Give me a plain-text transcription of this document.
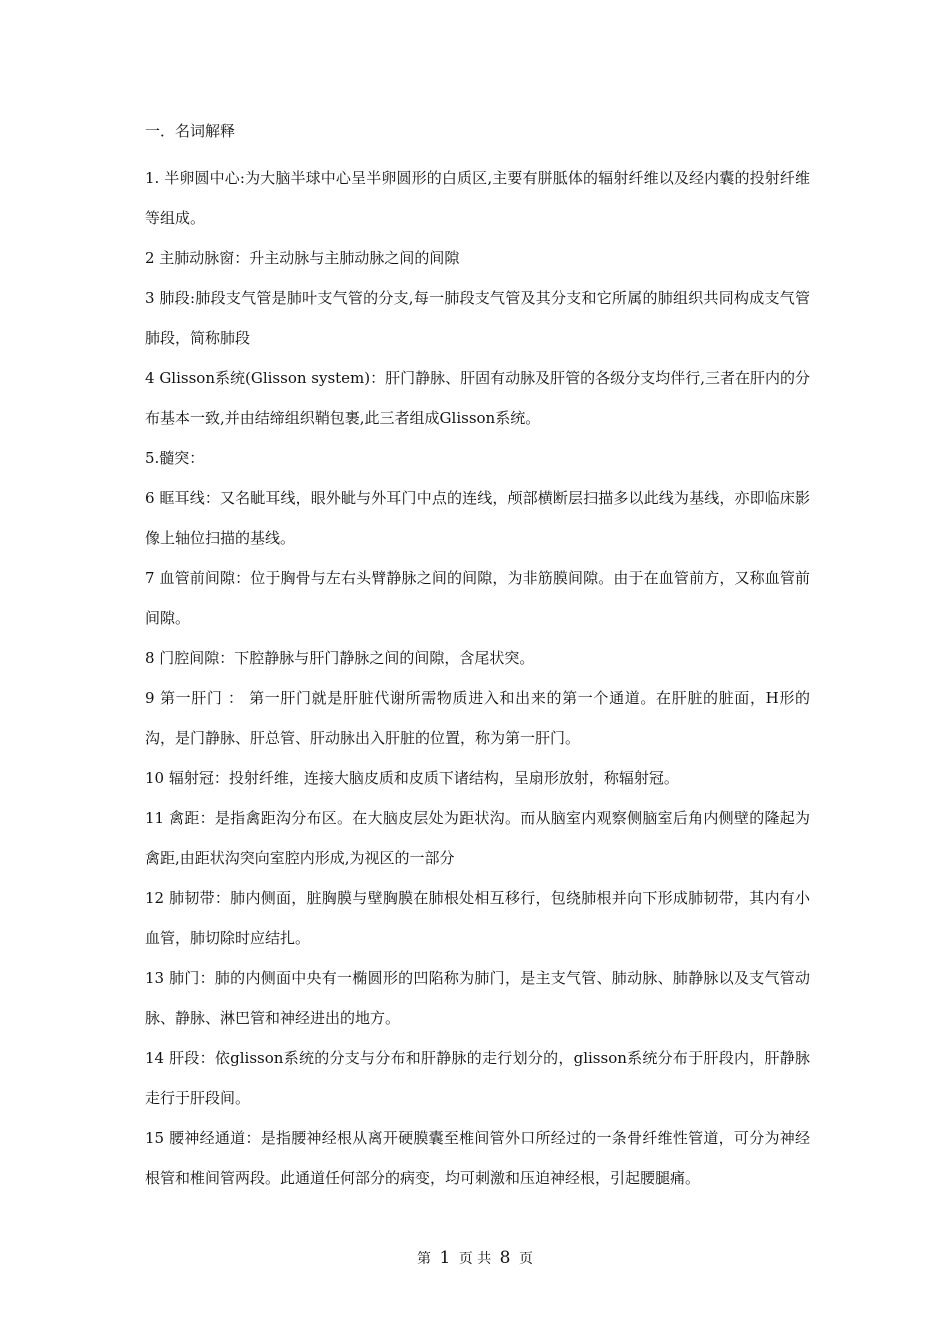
一．名词解释

1. 半卵圆中心:为大脑半球中心呈半卵圆形的白质区,主要有胼胝体的辐射纤维以及经内囊的投射纤维等组成。

2 主肺动脉窗：升主动脉与主肺动脉之间的间隙

3 肺段:肺段支气管是肺叶支气管的分支,每一肺段支气管及其分支和它所属的肺组织共同构成支气管肺段，简称肺段

4 Glisson系统(Glisson system)：肝门静脉、肝固有动脉及肝管的各级分支均伴行,三者在肝内的分布基本一致,并由结缔组织鞘包裹,此三者组成Glisson系统。

5.髓突：

6 眶耳线：又名眦耳线，眼外眦与外耳门中点的连线，颅部横断层扫描多以此线为基线，亦即临床影像上轴位扫描的基线。

7 血管前间隙：位于胸骨与左右头臂静脉之间的间隙，为非筋膜间隙。由于在血管前方，又称血管前间隙。

8 门腔间隙：下腔静脉与肝门静脉之间的间隙，含尾状突。

9 第一肝门 ： 第一肝门就是肝脏代谢所需物质进入和出来的第一个通道。在肝脏的脏面，H形的沟，是门静脉、肝总管、肝动脉出入肝脏的位置，称为第一肝门。

10 辐射冠：投射纤维，连接大脑皮质和皮质下诸结构，呈扇形放射，称辐射冠。

11 禽距：是指禽距沟分布区。在大脑皮层处为距状沟。而从脑室内观察侧脑室后角内侧壁的隆起为禽距,由距状沟突向室腔内形成,为视区的一部分

12 肺韧带：肺内侧面，脏胸膜与壁胸膜在肺根处相互移行，包绕肺根并向下形成肺韧带，其内有小血管，肺切除时应结扎。

13 肺门：肺的内侧面中央有一椭圆形的凹陷称为肺门，是主支气管、肺动脉、肺静脉以及支气管动脉、静脉、淋巴管和神经进出的地方。

14 肝段：依glisson系统的分支与分布和肝静脉的走行划分的，glisson系统分布于肝段内，肝静脉走行于肝段间。

15 腰神经通道：是指腰神经根从离开硬膜囊至椎间管外口所经过的一条骨纤维性管道，可分为神经根管和椎间管两段。此通道任何部分的病变，均可刺激和压迫神经根，引起腰腿痛。

第 1 页 共 8 页
